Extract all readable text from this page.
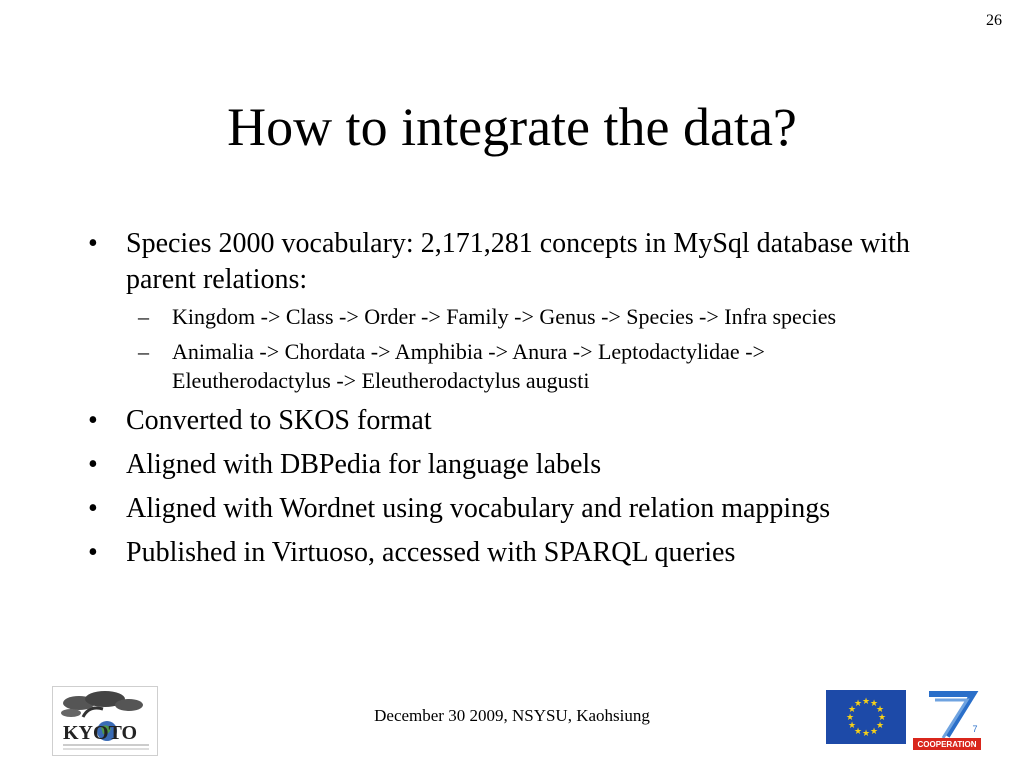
26
How to integrate the data?
• Species 2000 vocabulary: 2,171,281 concepts in MySql database with parent relations:
– Kingdom -> Class -> Order -> Family -> Genus -> Species -> Infra species
– Animalia -> Chordata -> Amphibia -> Anura -> Leptodactylidae -> Eleutherodactylus -> Eleutherodactylus augusti
• Converted to SKOS format
• Aligned with DBPedia for language labels
• Aligned with Wordnet using vocabulary and relation mappings
• Published in Virtuoso, accessed with SPARQL queries
KYOTO
December 30 2009, NSYSU, Kaohsiung
★ ★
★
★
★
★
★
★
★
★
★
★
COOPERATION
7
